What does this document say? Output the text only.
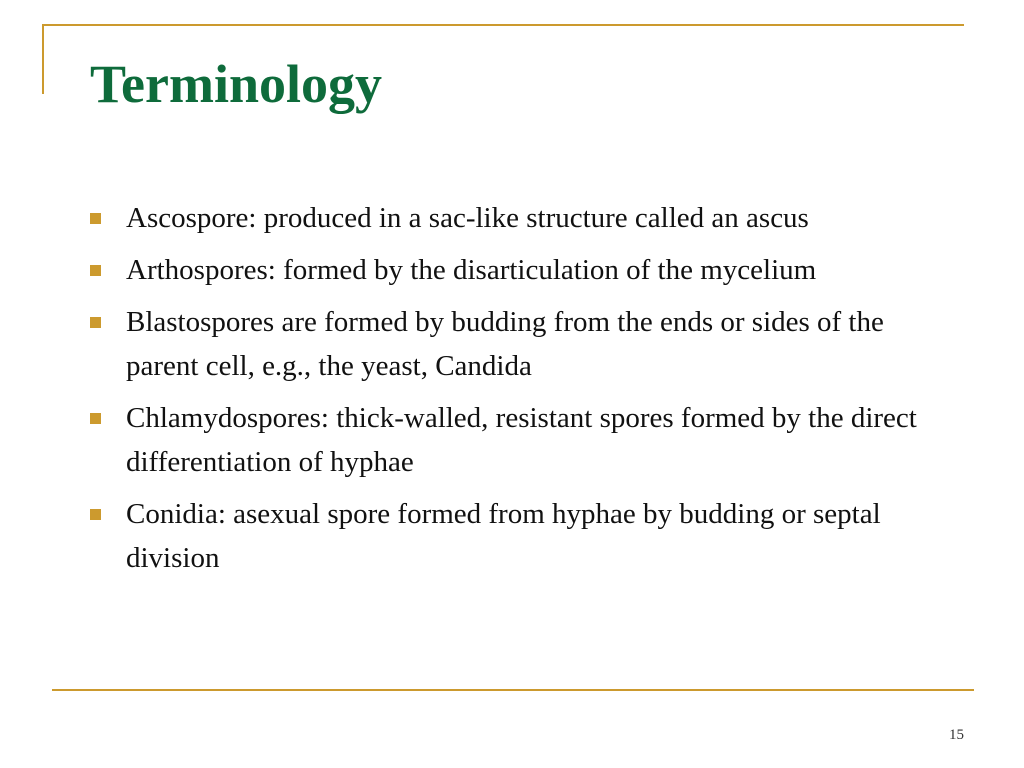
Terminology
Ascospore: produced in a sac-like structure called an ascus
Arthospores: formed by the disarticulation of the mycelium
Blastospores are formed by budding from the ends or sides of the parent cell, e.g., the yeast, Candida
Chlamydospores: thick-walled, resistant spores formed by the direct differentiation of hyphae
Conidia: asexual spore formed from hyphae by budding or septal division
15
